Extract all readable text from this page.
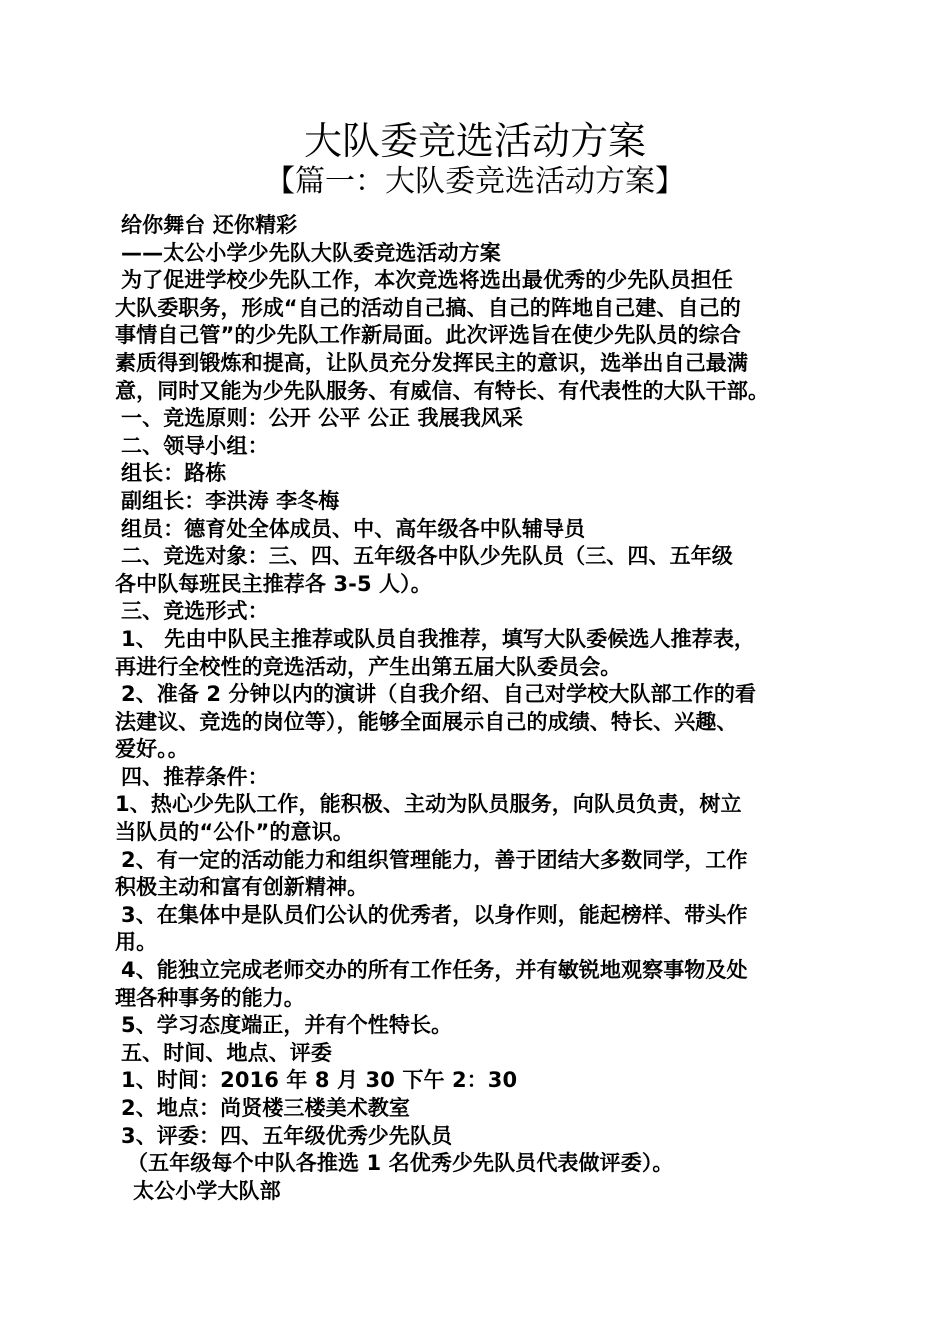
大队委竞选活动方案
【篇一：大队委竞选活动方案】
给你舞台 还你精彩
——太公小学少先队大队委竞选活动方案
为了促进学校少先队工作，本次竞选将选出最优秀的少先队员担任
大队委职务，形成“自己的活动自己搞、自己的阵地自己建、自己的
事情自己管”的少先队工作新局面。此次评选旨在使少先队员的综合
素质得到锻炼和提高，让队员充分发挥民主的意识，选举出自己最满
意，同时又能为少先队服务、有威信、有特长、有代表性的大队干部。
一、竞选原则：公开 公平 公正 我展我风采
二、领导小组：
组长：路栋
副组长：李洪涛 李冬梅
组员：德育处全体成员、中、高年级各中队辅导员
二、竞选对象：三、四、五年级各中队少先队员（三、四、五年级
各中队每班民主推荐各 3-5 人）。
三、竞选形式：
1、 先由中队民主推荐或队员自我推荐，填写大队委候选人推荐表，
再进行全校性的竞选活动，产生出第五届大队委员会。
2、准备 2 分钟以内的演讲（自我介绍、自己对学校大队部工作的看
法建议、竞选的岗位等），能够全面展示自己的成绩、特长、兴趣、
爱好。。
四、推荐条件：
1、热心少先队工作，能积极、主动为队员服务，向队员负责，树立
当队员的“公仆”的意识。
2、有一定的活动能力和组织管理能力，善于团结大多数同学，工作
积极主动和富有创新精神。
3、在集体中是队员们公认的优秀者，以身作则，能起榜样、带头作
用。
4、能独立完成老师交办的所有工作任务，并有敏锐地观察事物及处
理各种事务的能力。
5、学习态度端正，并有个性特长。
五、时间、地点、评委
1、时间：2016 年 8 月 30 下午 2：30
2、地点：尚贤楼三楼美术教室
3、评委：四、五年级优秀少先队员
（五年级每个中队各推选 1 名优秀少先队员代表做评委）。
太公小学大队部
